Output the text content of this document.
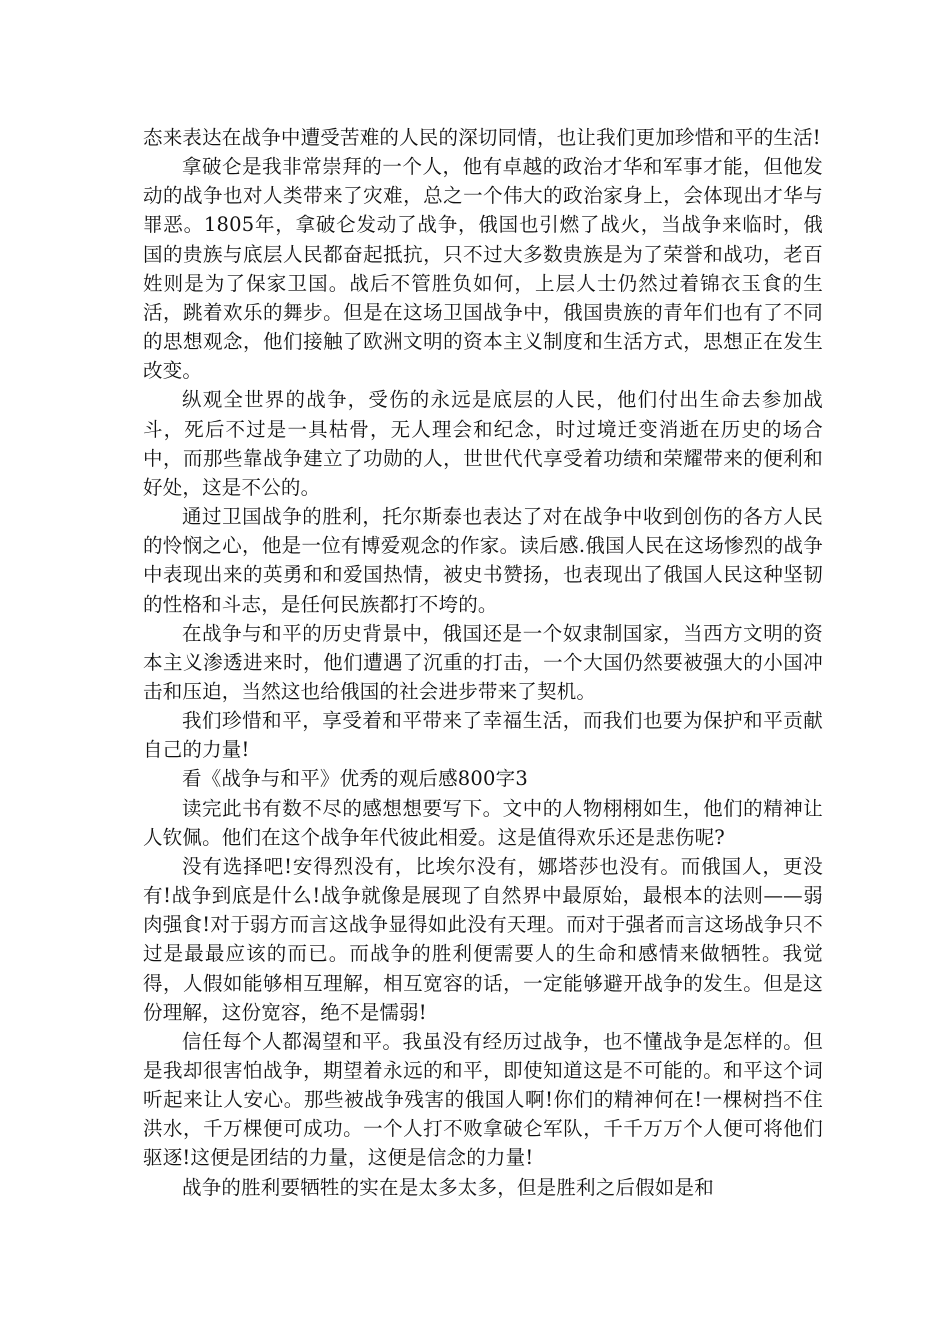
态来表达在战争中遭受苦难的人民的深切同情，也让我们更加珍惜和平的生活!

拿破仑是我非常崇拜的一个人，他有卓越的政治才华和军事才能，但他发动的战争也对人类带来了灾难，总之一个伟大的政治家身上，会体现出才华与罪恶。1805年，拿破仑发动了战争，俄国也引燃了战火，当战争来临时，俄国的贵族与底层人民都奋起抵抗，只不过大多数贵族是为了荣誉和战功，老百姓则是为了保家卫国。战后不管胜负如何，上层人士仍然过着锦衣玉食的生活，跳着欢乐的舞步。但是在这场卫国战争中，俄国贵族的青年们也有了不同的思想观念，他们接触了欧洲文明的资本主义制度和生活方式，思想正在发生改变。

纵观全世界的战争，受伤的永远是底层的人民，他们付出生命去参加战斗，死后不过是一具枯骨，无人理会和纪念，时过境迁变消逝在历史的场合中，而那些靠战争建立了功勋的人，世世代代享受着功绩和荣耀带来的便利和好处，这是不公的。

通过卫国战争的胜利，托尔斯泰也表达了对在战争中收到创伤的各方人民的怜悯之心，他是一位有博爱观念的作家。读后感.俄国人民在这场惨烈的战争中表现出来的英勇和和爱国热情，被史书赞扬，也表现出了俄国人民这种坚韧的性格和斗志，是任何民族都打不垮的。

在战争与和平的历史背景中，俄国还是一个奴隶制国家，当西方文明的资本主义渗透进来时，他们遭遇了沉重的打击，一个大国仍然要被强大的小国冲击和压迫，当然这也给俄国的社会进步带来了契机。

我们珍惜和平，享受着和平带来了幸福生活，而我们也要为保护和平贡献自己的力量!

看《战争与和平》优秀的观后感800字3

读完此书有数不尽的感想想要写下。文中的人物栩栩如生，他们的精神让人钦佩。他们在这个战争年代彼此相爱。这是值得欢乐还是悲伤呢?

没有选择吧!安得烈没有，比埃尔没有，娜塔莎也没有。而俄国人，更没有!战争到底是什么!战争就像是展现了自然界中最原始，最根本的法则——弱肉强食!对于弱方而言这战争显得如此没有天理。而对于强者而言这场战争只不过是最最应该的而已。而战争的胜利便需要人的生命和感情来做牺牲。我觉得，人假如能够相互理解，相互宽容的话，一定能够避开战争的发生。但是这份理解，这份宽容，绝不是懦弱!

信任每个人都渴望和平。我虽没有经历过战争，也不懂战争是怎样的。但是我却很害怕战争，期望着永远的和平，即使知道这是不可能的。和平这个词听起来让人安心。那些被战争残害的俄国人啊!你们的精神何在!一棵树挡不住洪水，千万棵便可成功。一个人打不败拿破仑军队，千千万万个人便可将他们驱逐!这便是团结的力量，这便是信念的力量!

战争的胜利要牺牲的实在是太多太多，但是胜利之后假如是和
